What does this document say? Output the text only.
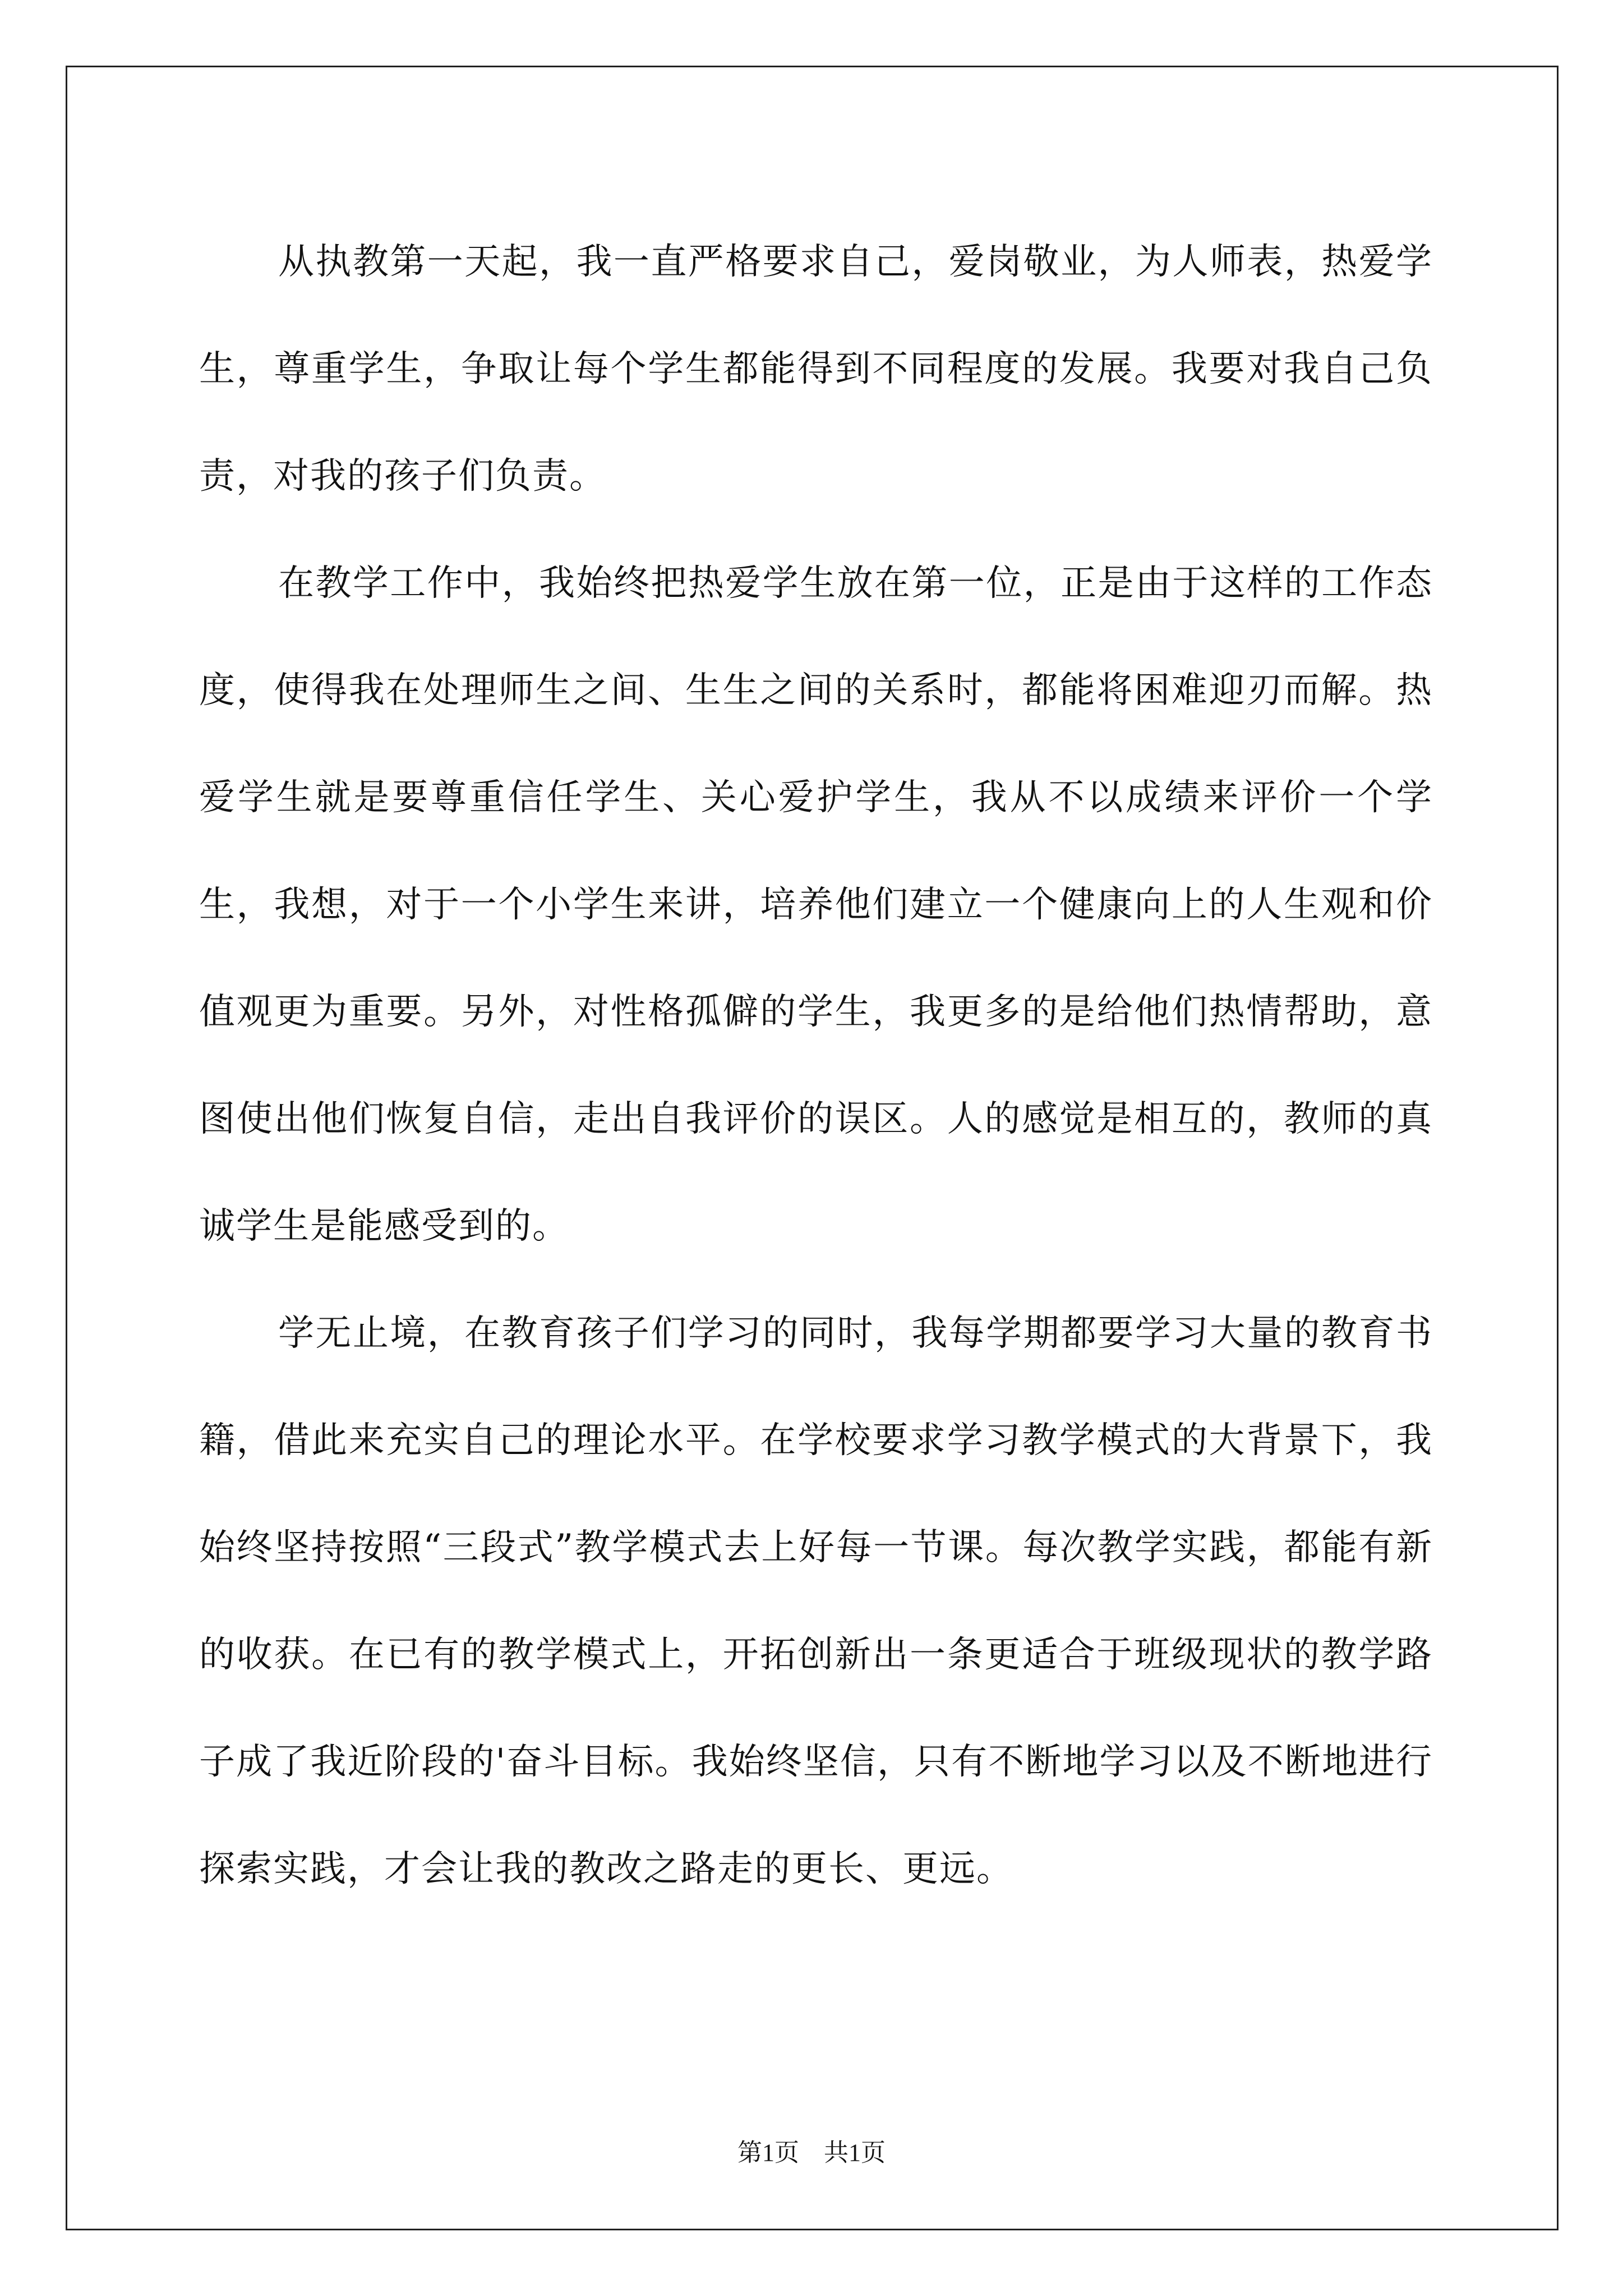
从执教第一天起，我一直严格要求自己，爱岗敬业，为人师表，热爱学生，尊重学生，争取让每个学生都能得到不同程度的发展。我要对我自己负责，对我的孩子们负责。

在教学工作中，我始终把热爱学生放在第一位，正是由于这样的工作态度，使得我在处理师生之间、生生之间的关系时，都能将困难迎刃而解。热爱学生就是要尊重信任学生、关心爱护学生，我从不以成绩来评价一个学生，我想，对于一个小学生来讲，培养他们建立一个健康向上的人生观和价值观更为重要。另外，对性格孤僻的学生，我更多的是给他们热情帮助，意图使出他们恢复自信，走出自我评价的误区。人的感觉是相互的，教师的真诚学生是能感受到的。

学无止境，在教育孩子们学习的同时，我每学期都要学习大量的教育书籍，借此来充实自己的理论水平。在学校要求学习教学模式的大背景下，我始终坚持按照“三段式”教学模式去上好每一节课。每次教学实践，都能有新的收获。在已有的教学模式上，开拓创新出一条更适合于班级现状的教学路子成了我近阶段的'奋斗目标。我始终坚信，只有不断地学习以及不断地进行探索实践，才会让我的教改之路走的更长、更远。

第1页 共1页
